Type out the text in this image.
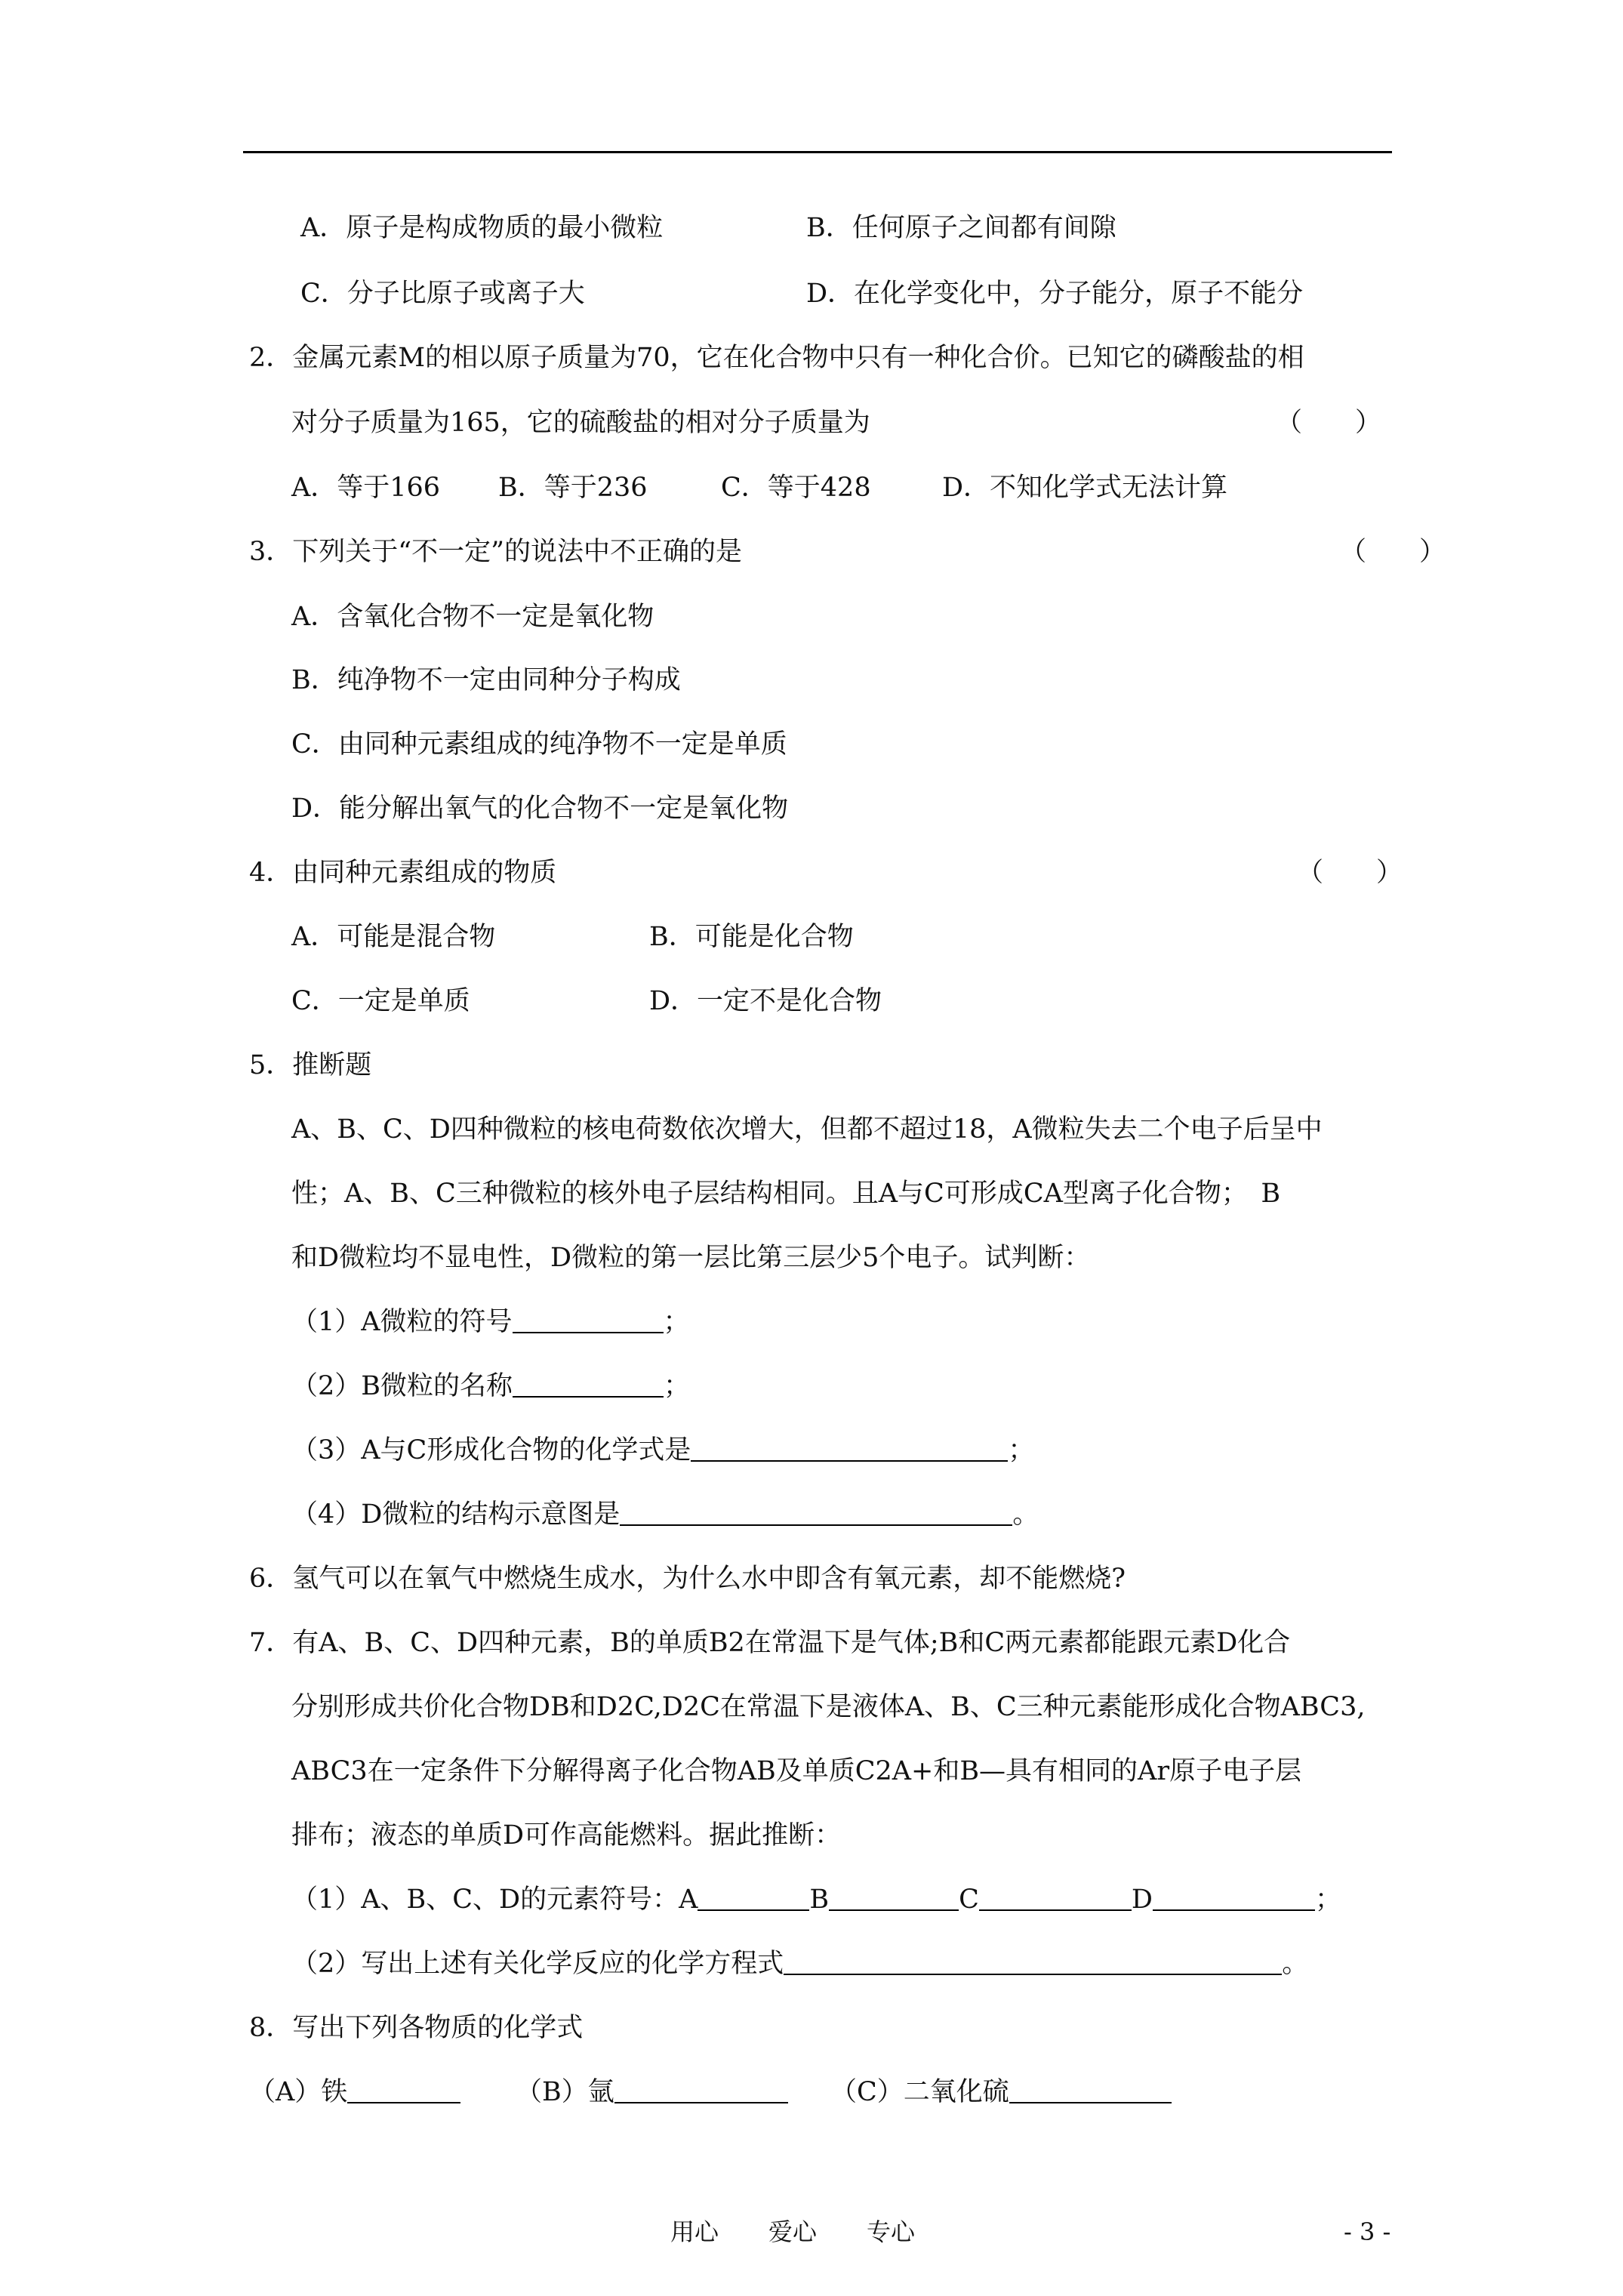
A．原子是构成物质的最小微粒	B．任何原子之间都有间隙
C．分子比原子或离子大	D．在化学变化中，分子能分，原子不能分
2．金属元素M的相以原子质量为70，它在化合物中只有一种化合价。已知它的磷酸盐的相
对分子质量为165，它的硫酸盐的相对分子质量为	（　　）
A．等于166 B．等于236	C．等于428	D．不知化学式无法计算
3．下列关于“不一定”的说法中不正确的是	（　　）
A．含氧化合物不一定是氧化物
B．纯净物不一定由同种分子构成
C．由同种元素组成的纯净物不一定是单质
D．能分解出氧气的化合物不一定是氧化物
4．由同种元素组成的物质	（　　）
A．可能是混合物	B．可能是化合物
C．一定是单质	D．一定不是化合物
5．推断题
A、B、C、D四种微粒的核电荷数依次增大，但都不超过18，A微粒失去二个电子后呈中
性；A、B、C三种微粒的核外电子层结构相同。且A与C可形成CA型离子化合物；　B
和D微粒均不显电性，D微粒的第一层比第三层少5个电子。试判断：
（1）A微粒的符号	；
（2）B微粒的名称	；
（3）A与C形成化合物的化学式是	；
（4）D微粒的结构示意图是	。
6．氢气可以在氧气中燃烧生成水，为什么水中即含有氧元素，却不能燃烧?
7．有A、B、C、D四种元素，B的单质B2在常温下是气体;B和C两元素都能跟元素D化合
分别形成共价化合物DB和D2C,D2C在常温下是液体A、B、C三种元素能形成化合物ABC3,
ABC3在一定条件下分解得离子化合物AB及单质C2A+和B—具有相同的Ar原子电子层
排布；液态的单质D可作高能燃料。据此推断：
（1）A、B、C、D的元素符号：A	B	C	D	；
（2）写出上述有关化学反应的化学方程式	。
8．写出下列各物质的化学式
（A）铁	（B）氩	（C）二氧化硫
用心 爱心 专心	- 3 -
